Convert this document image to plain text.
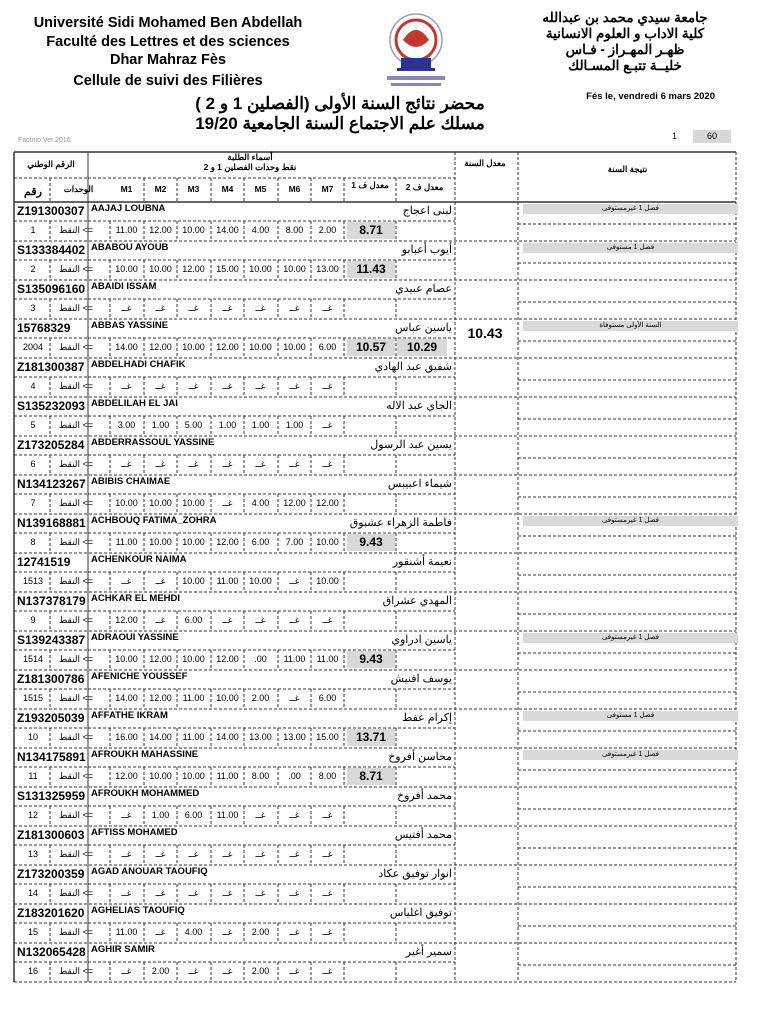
Université Sidi Mohamed Ben Abdellah
Faculté des Lettres et des sciences
Dhar Mahraz Fès
Cellule de suivi des Filières
جامعة سيدي محمد بن عبدالله
كلية الاداب و العلوم الانسانية
ظهـر المهـراز - فـاس
خليــة تتبـع المسـالك
Fés le, vendredi 6 mars 2020
محضر نتائج السنة الأولى (الفصلين 1 و 2 )
مسلك علم الاجتماع السنة الجامعية 19/20
Factnio Ver.2016	1	60
الرقم الوطني
رقم	الوحدات
أسماء الطلبة
نقط وحدات الفصلين 1 و 2
M1	M2	M3	M4	M5	M6	M7	معدل ف 1	معدل ف 2
معدل السنة
نتيجة السنة
Z191300307 AAJAJ LOUBNA	لبنى اعجاج
1	النقط <=	11.00	12.00	10.00	14.00	4.00	8.00	2.00	8.71
فصل 1 غيرمستوفى
S133384402 ABABOU AYOUB	أيوب أعبابو
2	النقط <=	10.00	10.00	12.00	15.00	10.00	10.00	13.00	11.43
فصل 1 مستوفى
S135096160 ABAIDI ISSAM	عصام عبيدي
3	النقط <=	غــ	غــ	غــ	غــ	غــ	غــ	غــ
15768329	ABBAS YASSINE	ياسين عباس
2004	النقط <=	14.00	12.00	10.00	12.00	10.00	10.00	6.00	10.57	10.29
10.43	السنة الأولى مستوفاة
Z181300387 ABDELHADI CHAFIK	شفيق عبد الهادي
4	النقط <=	غــ	غــ	غــ	غــ	غــ	غــ	غــ
S135232093 ABDELILAH EL JAI	الجاي عبد الاله
5	النقط <=	3.00	1.00	5.00	1.00	1.00	1.00	غــ
Z173205284 ABDERRASSOUL YASSINE	يسين عبد الرسول
6	النقط <=	غــ	غــ	غــ	غــ	غــ	غــ	غــ
N134123267 ABIBIS CHAIMAE	شيماء اعبيبس
7	النقط <=	10.00	10.00	10.00	غــ	4.00	12.00	12.00
N139168881 ACHBOUQ FATIMA_ZOHRA	فاطمة الزهراء عشبوق
8	النقط <=	11.00	10.00	10.00	12.00	6.00	7.00	10.00	9.43
فصل 1 غيرمستوفى
12741519	ACHENKOUR NAIMA	نعيمة أشنقور
1513	النقط <=	غــ	غــ	10.00	11.00	10.00	غــ	10.00
N137378179 ACHKAR EL MEHDI	المهدي عشراق
9	النقط <=	12.00	غــ	6.00	غــ	غــ	غــ	غــ
S139243387 ADRAOUI YASSINE	ياسين ادراوي
1514	النقط <=	10.00	12.00	10.00	12.00	.00	11.00	11.00	9.43
فصل 1 غيرمستوفى
Z181300786 AFENICHE YOUSSEF	يوسف افنيش
1515	النقط <=	14.00	12.00	11.00	10.00	2.00	غــ	6.00
Z193205039 AFFATHE IKRAM	إكرام عفط
10	النقط <=	16.00	14.00	11.00	14.00	13.00	13.00	15.00	13.71
فصل 1 مستوفى
N134175891 AFROUKH MAHASSINE	محاسن أفروخ
11	النقط <=	12.00	10.00	10.00	11.00	8.00	.00	8.00	8.71
فصل 1 غيرمستوفى
S131325959 AFROUKH MOHAMMED	محمد أفروخ
12	النقط <=	غــ	1.00	6.00	11.00	غــ	غــ	غــ
Z181300603 AFTISS MOHAMED	محمد أفتيس
13	النقط <=	غــ	غــ	غــ	غــ	غــ	غــ	غــ
Z173200359 AGAD ANOUAR TAOUFIQ	انوار توفيق عكاد
14	النقط <=	غــ	غــ	غــ	غــ	غــ	غــ	غــ
Z183201620 AGHELIAS TAOUFIQ	توفيق اغلياس
15	النقط <=	11.00	غــ	4.00	غــ	2.00	غــ	غــ
N132065428 AGHIR SAMIR	سمير أغير
16	النقط <=	غــ	2.00	غــ	غــ	2.00	غــ	غــ
